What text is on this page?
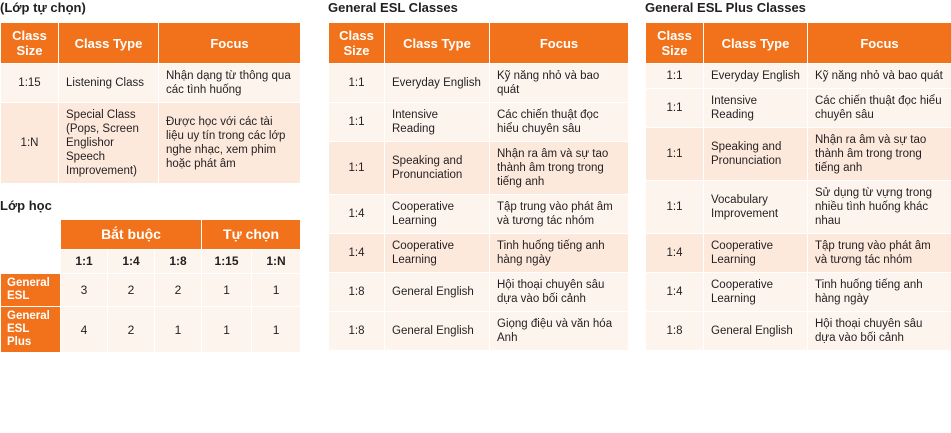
(Lớp tự chọn)
Class Size	Class Type	Focus
1:15	Listening Class	Nhận dạng từ thông qua các tình huống
1:N	Special Class (Pops, Screen Englishor Speech Improvement)	Được học với các tài liệu uy tín trong các lớp nghe nhạc, xem phim hoặc phát âm
Lớp học
	Bắt buộc			Tự chọn	
	1:1	1:4	1:8	1:15	1:N
General ESL	3	2	2	1	1
General ESL Plus	4	2	1	1	1
General ESL Classes
Class Size	Class Type	Focus
1:1	Everyday English	Kỹ năng nhỏ và bao quát
1:1	Intensive Reading	Các chiến thuật đọc hiểu chuyên sâu
1:1	Speaking and Pronunciation	Nhận ra âm và sự tao thành âm trong trong tiếng anh
1:4	Cooperative Learning	Tập trung vào phát âm và tương tác nhóm
1:4	Cooperative Learning	Tinh huống tiếng anh hàng ngày
1:8	General English	Hội thoại chuyên sâu dựa vào bối cảnh
1:8	General English	Giọng điệu và văn hóa Anh
General ESL Plus Classes
Class Size	Class Type	Focus
1:1	Everyday English	Kỹ năng nhỏ và bao quát
1:1	Intensive Reading	Các chiến thuật đọc hiểu chuyên sâu
1:1	Speaking and Pronunciation	Nhận ra âm và sự tao thành âm trong trong tiếng anh
1:1	Vocabulary Improvement	Sử dụng từ vựng trong nhiều tình huống khác nhau
1:4	Cooperative Learning	Tập trung vào phát âm và tương tác nhóm
1:4	Cooperative Learning	Tinh huống tiếng anh hàng ngày
1:8	General English	Hội thoại chuyên sâu dựa vào bối cảnh
